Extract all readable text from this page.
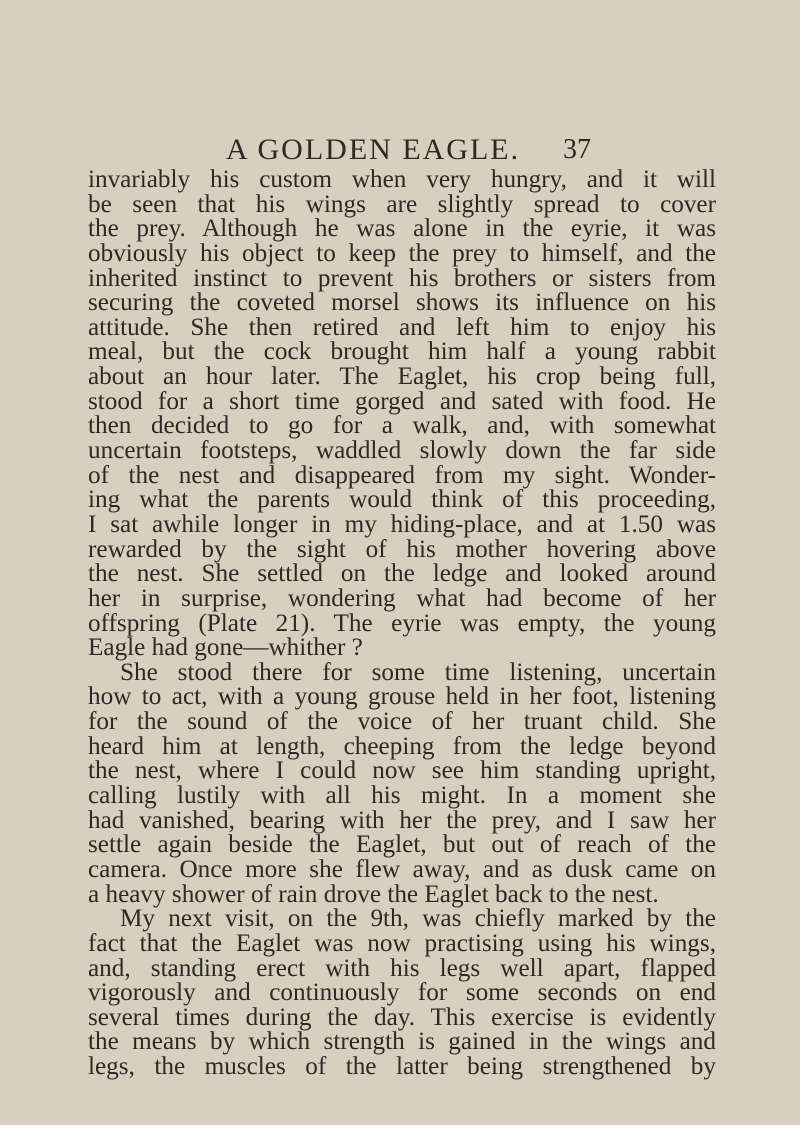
A GOLDEN EAGLE. 37
invariably his custom when very hungry, and it will
be seen that his wings are slightly spread to cover
the prey. Although he was alone in the eyrie, it was
obviously his object to keep the prey to himself, and the
inherited instinct to prevent his brothers or sisters from
securing the coveted morsel shows its influence on his
attitude. She then retired and left him to enjoy his
meal, but the cock brought him half a young rabbit
about an hour later. The Eaglet, his crop being full,
stood for a short time gorged and sated with food. He
then decided to go for a walk, and, with somewhat
uncertain footsteps, waddled slowly down the far side
of the nest and disappeared from my sight. Wonder-
ing what the parents would think of this proceeding,
I sat awhile longer in my hiding-place, and at 1.50 was
rewarded by the sight of his mother hovering above
the nest. She settled on the ledge and looked around
her in surprise, wondering what had become of her
offspring (Plate 21). The eyrie was empty, the young
Eagle had gone—whither ?
She stood there for some time listening, uncertain
how to act, with a young grouse held in her foot, listening
for the sound of the voice of her truant child. She
heard him at length, cheeping from the ledge beyond
the nest, where I could now see him standing upright,
calling lustily with all his might. In a moment she
had vanished, bearing with her the prey, and I saw her
settle again beside the Eaglet, but out of reach of the
camera. Once more she flew away, and as dusk came on
a heavy shower of rain drove the Eaglet back to the nest.
My next visit, on the 9th, was chiefly marked by the
fact that the Eaglet was now practising using his wings,
and, standing erect with his legs well apart, flapped
vigorously and continuously for some seconds on end
several times during the day. This exercise is evidently
the means by which strength is gained in the wings and
legs, the muscles of the latter being strengthened by
